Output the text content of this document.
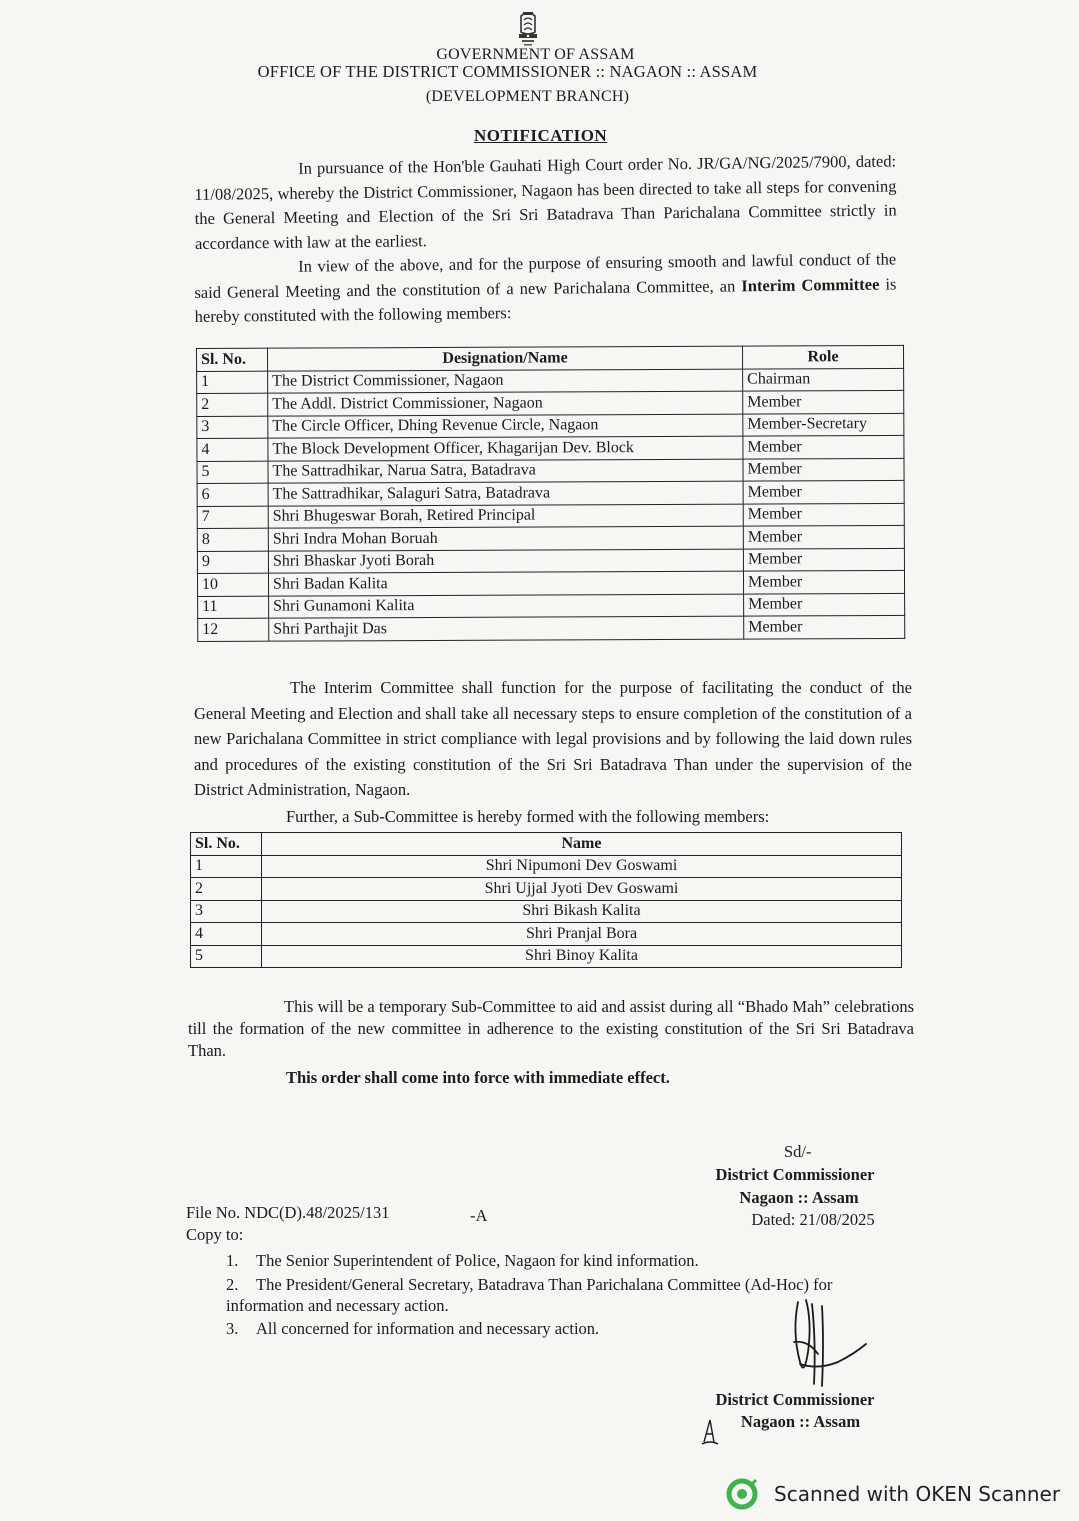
GOVERNMENT OF ASSAM
OFFICE OF THE DISTRICT COMMISSIONER :: NAGAON :: ASSAM
(DEVELOPMENT BRANCH)
NOTIFICATION
In pursuance of the Hon'ble Gauhati High Court order No. JR/GA/NG/2025/7900, dated: 11/08/2025, whereby the District Commissioner, Nagaon has been directed to take all steps for convening the General Meeting and Election of the Sri Sri Batadrava Than Parichalana Committee strictly in accordance with law at the earliest.
In view of the above, and for the purpose of ensuring smooth and lawful conduct of the said General Meeting and the constitution of a new Parichalana Committee, an Interim Committee is hereby constituted with the following members:
Sl. No.	Designation/Name	Role
1	The District Commissioner, Nagaon	Chairman
2	The Addl. District Commissioner, Nagaon	Member
3	The Circle Officer, Dhing Revenue Circle, Nagaon	Member-Secretary
4	The Block Development Officer, Khagarijan Dev. Block	Member
5	The Sattradhikar, Narua Satra, Batadrava	Member
6	The Sattradhikar, Salaguri Satra, Batadrava	Member
7	Shri Bhugeswar Borah, Retired Principal	Member
8	Shri Indra Mohan Boruah	Member
9	Shri Bhaskar Jyoti Borah	Member
10	Shri Badan Kalita	Member
11	Shri Gunamoni Kalita	Member
12	Shri Parthajit Das	Member
The Interim Committee shall function for the purpose of facilitating the conduct of the General Meeting and Election and shall take all necessary steps to ensure completion of the constitution of a new Parichalana Committee in strict compliance with legal provisions and by following the laid down rules and procedures of the existing constitution of the Sri Sri Batadrava Than under the supervision of the District Administration, Nagaon.
Further, a Sub-Committee is hereby formed with the following members:
Sl. No.	Name
1	Shri Nipumoni Dev Goswami
2	Shri Ujjal Jyoti Dev Goswami
3	Shri Bikash Kalita
4	Shri Pranjal Bora
5	Shri Binoy Kalita
This will be a temporary Sub-Committee to aid and assist during all “Bhado Mah” celebrations till the formation of the new committee in adherence to the existing constitution of the Sri Sri Batadrava Than.
This order shall come into force with immediate effect.
Sd/-
District Commissioner
Nagaon :: Assam
Dated: 21/08/2025
File No. NDC(D).48/2025/131	-A
Copy to:
1. The Senior Superintendent of Police, Nagaon for kind information.
2. The President/General Secretary, Batadrava Than Parichalana Committee (Ad-Hoc) for information and necessary action.
3. All concerned for information and necessary action.
District Commissioner
Nagaon :: Assam
Scanned with OKEN Scanner
